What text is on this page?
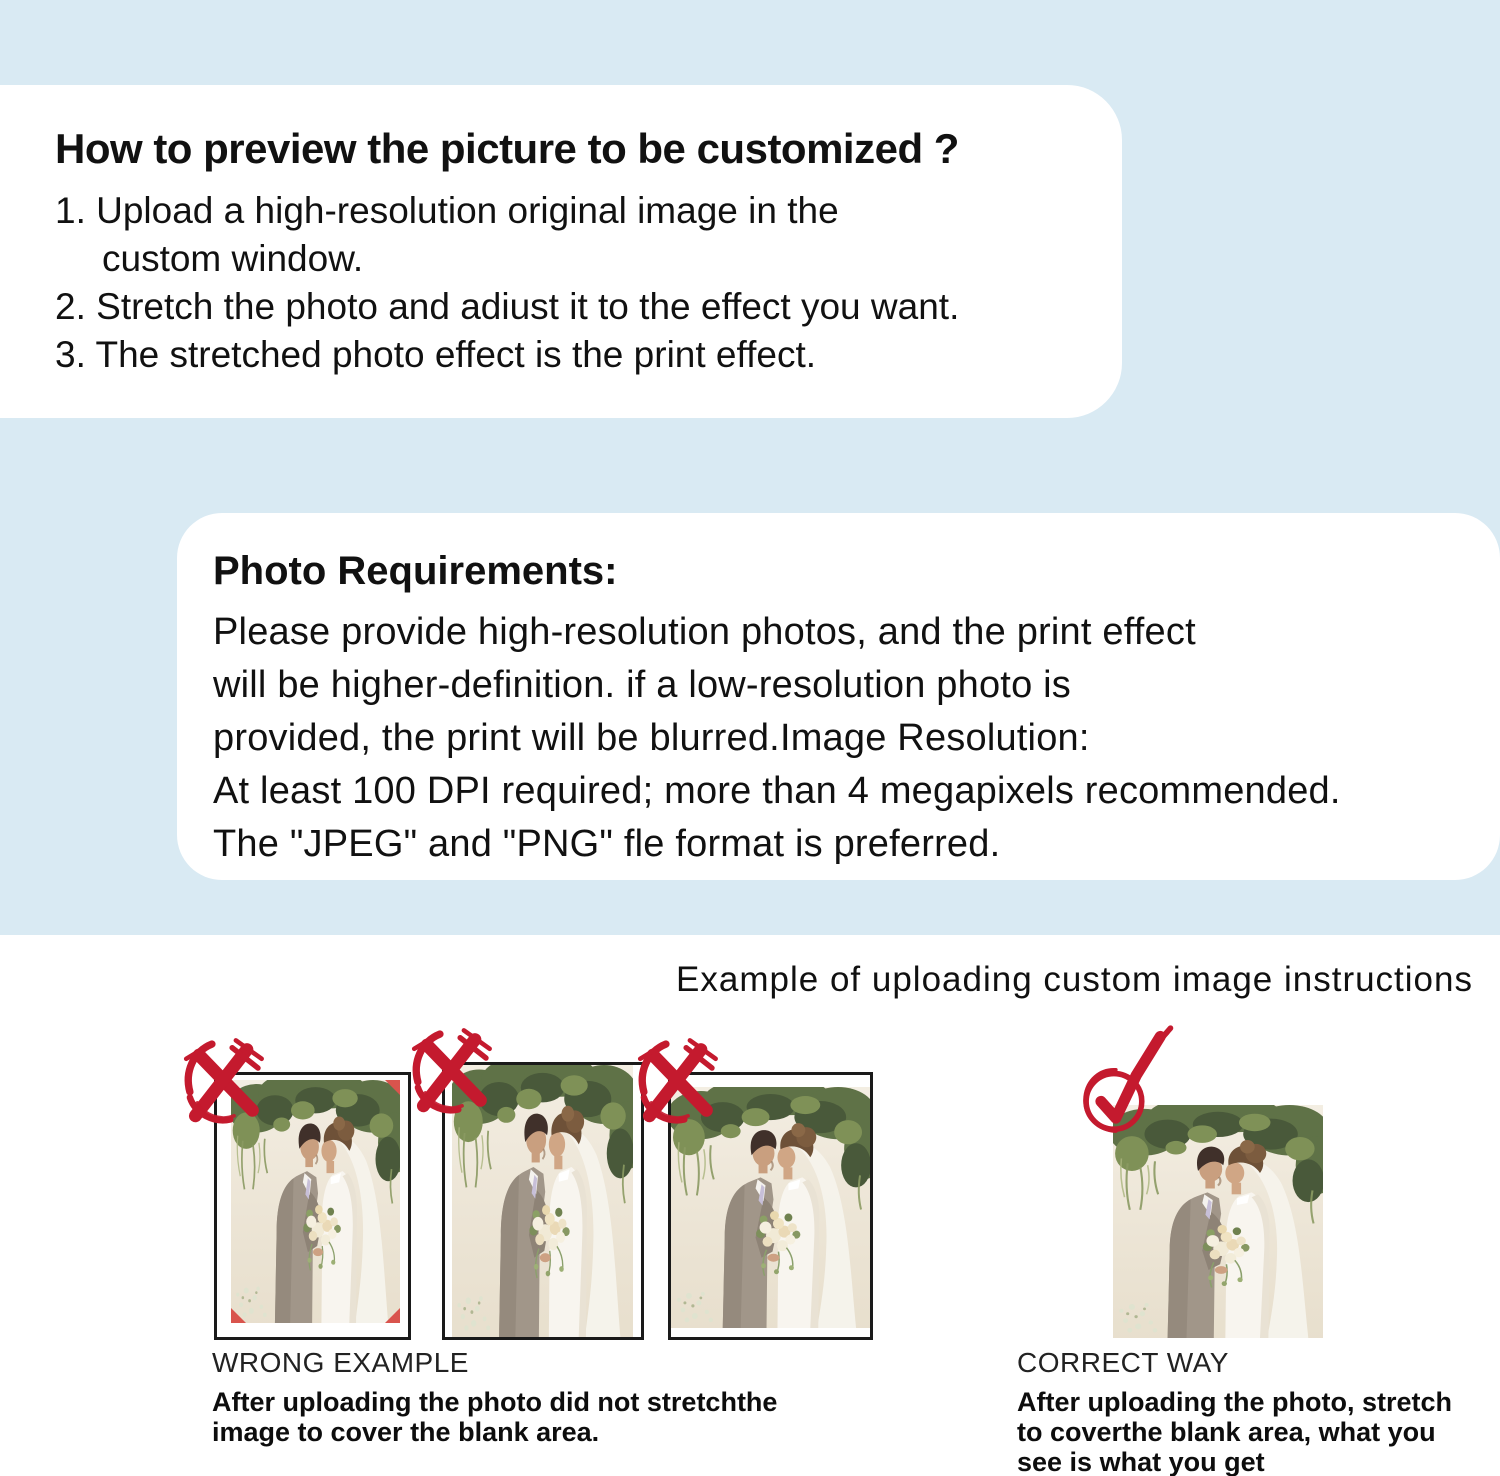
How to preview the picture to be customized ?

1. Upload a high-resolution original image in the

custom window.

2. Stretch the photo and adiust it to the effect you want.

3. The stretched photo effect is the print effect.

Photo Requirements:

Please provide high-resolution photos, and the print effect

will be higher-definition. if a low-resolution photo is

provided, the print will be blurred.Image Resolution:

At least 100 DPI required; more than 4 megapixels recommended.

The "JPEG" and "PNG" fle format is preferred.

Example of uploading custom image instructions

WRONG EXAMPLE

After uploading the photo did not stretchthe

image to cover the blank area.

CORRECT WAY

After uploading the photo, stretch

to coverthe blank area, what you

see is what you get
